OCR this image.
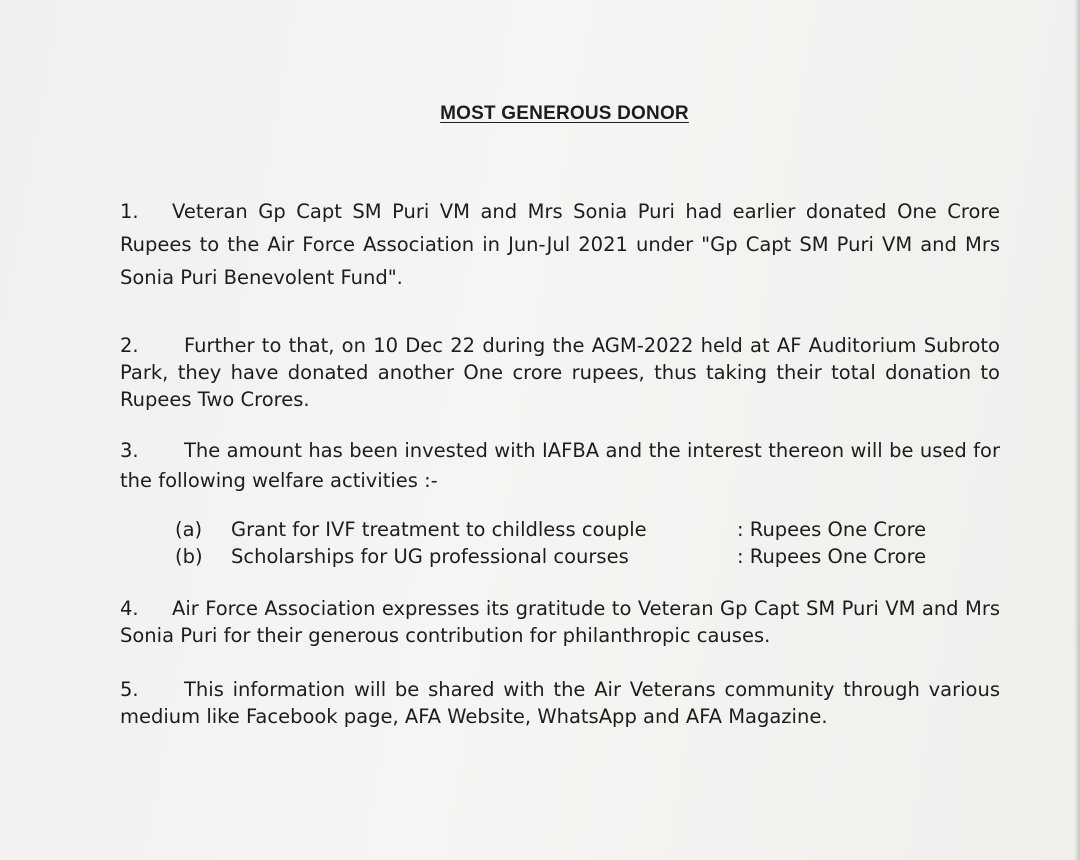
MOST GENEROUS DONOR
1. Veteran Gp Capt SM Puri VM and Mrs Sonia Puri had earlier donated One Crore Rupees to the Air Force Association in Jun-Jul 2021 under "Gp Capt SM Puri VM and Mrs Sonia Puri Benevolent Fund".
2. Further to that, on 10 Dec 22 during the AGM-2022 held at AF Auditorium Subroto Park, they have donated another One crore rupees, thus taking their total donation to Rupees Two Crores.
3. The amount has been invested with IAFBA and the interest thereon will be used for the following welfare activities :-
(a) Grant for IVF treatment to childless couple	: Rupees One Crore
(b) Scholarships for UG professional courses	: Rupees One Crore
4. Air Force Association expresses its gratitude to Veteran Gp Capt SM Puri VM and Mrs Sonia Puri for their generous contribution for philanthropic causes.
5. This information will be shared with the Air Veterans community through various medium like Facebook page, AFA Website, WhatsApp and AFA Magazine.
